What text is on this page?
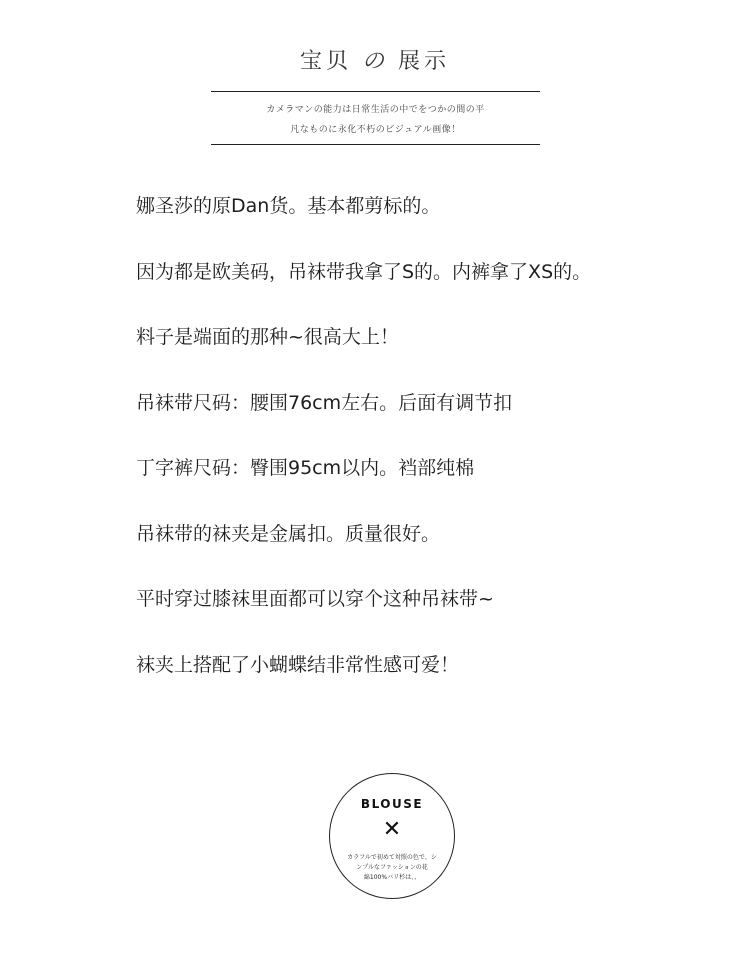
宝贝 の 展示
カメラマンの能力は日常生活の中でをつかの間の平
凡なものに永化不朽のビジュアル画像！
娜圣莎的原Dan货。基本都剪标的。
因为都是欧美码，吊袜带我拿了S的。内裤拿了XS的。
料子是端面的那种~很高大上！
吊袜带尺码：腰围76cm左右。后面有调节扣
丁字裤尺码：臀围95cm以内。裆部纯棉
吊袜带的袜夹是金属扣。质量很好。
平时穿过膝袜里面都可以穿个这种吊袜带~
袜夹上搭配了小蝴蝶结非常性感可爱！
BLOUSE
✕
カラフルで初めて対照の色で、シ
ンプルなファッションの花
綿100%バリ杉は、、
